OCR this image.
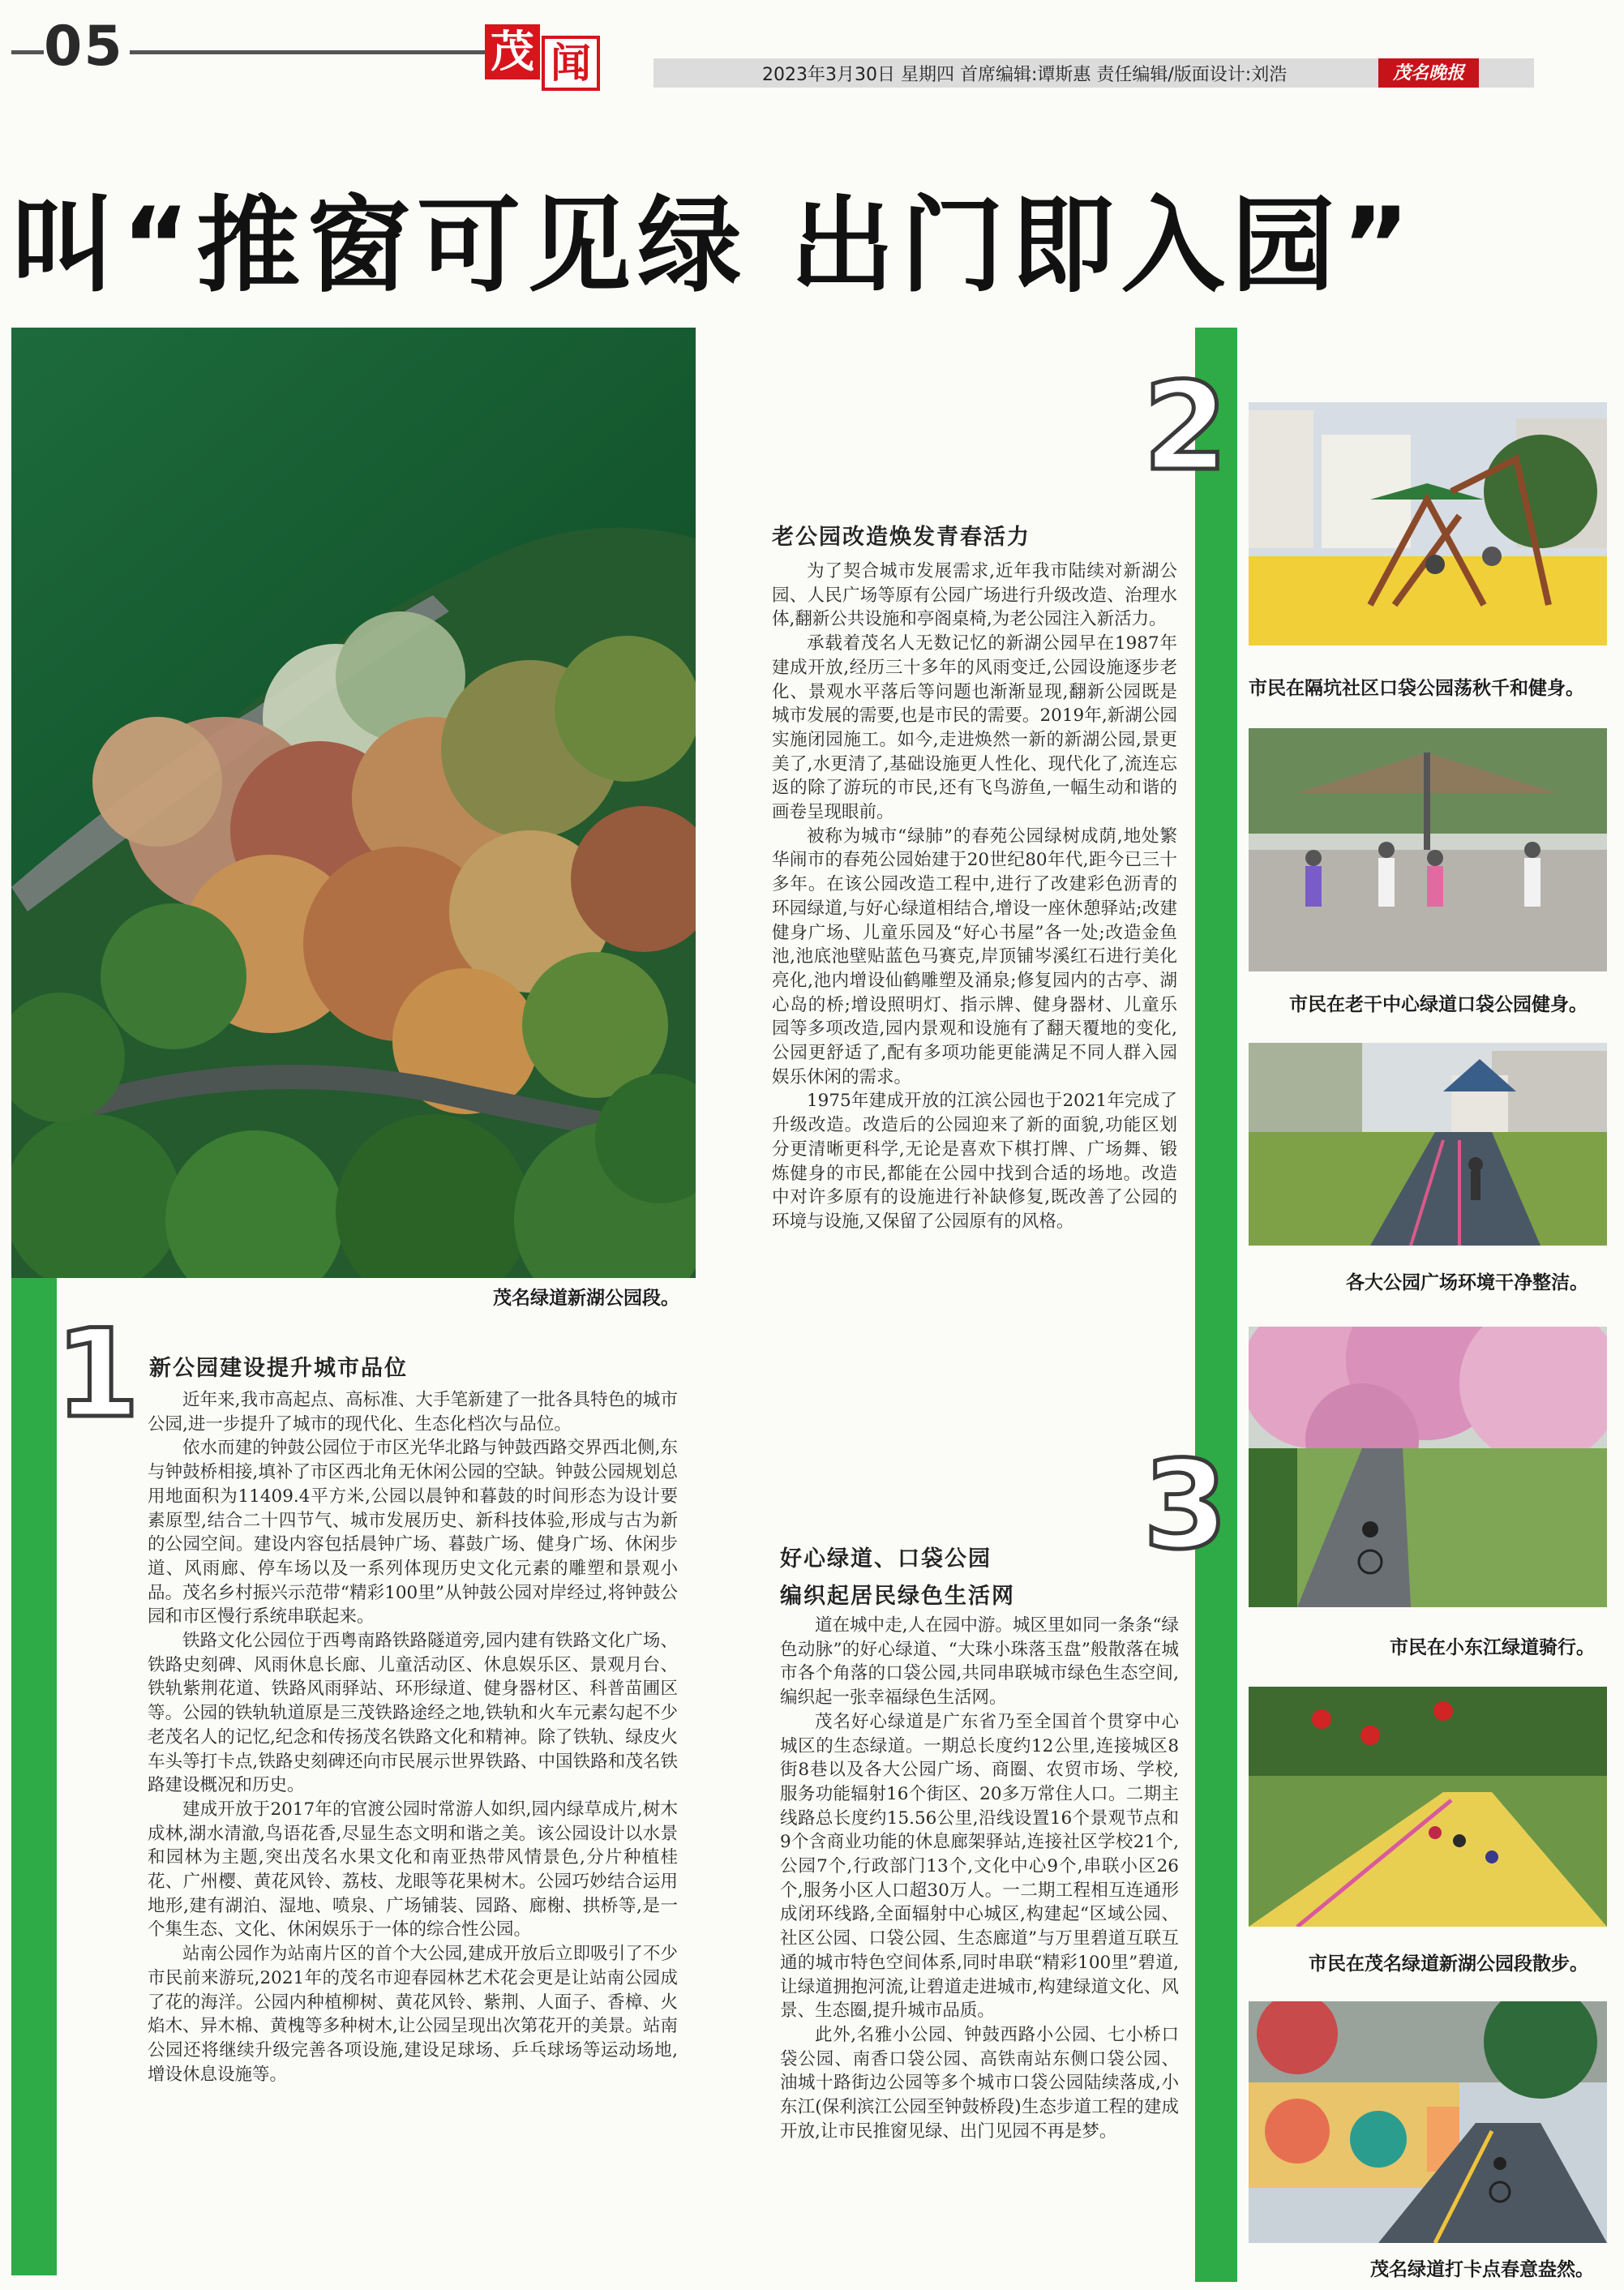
05	茂 闻	2023年3月30日 星期四 首席编辑:谭斯惠 责任编辑/版面设计:刘浩	茂名晚报
叫“推窗可见绿 出门即入园”
茂名绿道新湖公园段。
1 新公园建设提升城市品位

近年来,我市高起点、高标准、大手笔新建了一批各具特色的城市公园,进一步提升了城市的现代化、生态化档次与品位。

依水而建的钟鼓公园位于市区光华北路与钟鼓西路交界西北侧,东与钟鼓桥相接,填补了市区西北角无休闲公园的空缺。钟鼓公园规划总用地面积为11409.4平方米,公园以晨钟和暮鼓的时间形态为设计要素原型,结合二十四节气、城市发展历史、新科技体验,形成与古为新的公园空间。建设内容包括晨钟广场、暮鼓广场、健身广场、休闲步道、风雨廊、停车场以及一系列体现历史文化元素的雕塑和景观小品。茂名乡村振兴示范带“精彩100里”从钟鼓公园对岸经过,将钟鼓公园和市区慢行系统串联起来。

铁路文化公园位于西粤南路铁路隧道旁,园内建有铁路文化广场、铁路史刻碑、风雨休息长廊、儿童活动区、休息娱乐区、景观月台、铁轨紫荆花道、铁路风雨驿站、环形绿道、健身器材区、科普苗圃区等。公园的铁轨轨道原是三茂铁路途经之地,铁轨和火车元素勾起不少老茂名人的记忆,纪念和传扬茂名铁路文化和精神。除了铁轨、绿皮火车头等打卡点,铁路史刻碑还向市民展示世界铁路、中国铁路和茂名铁路建设概况和历史。

建成开放于2017年的官渡公园时常游人如织,园内绿草成片,树木成林,湖水清澈,鸟语花香,尽显生态文明和谐之美。该公园设计以水景和园林为主题,突出茂名水果文化和南亚热带风情景色,分片种植桂花、广州樱、黄花风铃、荔枝、龙眼等花果树木。公园巧妙结合运用地形,建有湖泊、湿地、喷泉、广场铺装、园路、廊榭、拱桥等,是一个集生态、文化、休闲娱乐于一体的综合性公园。

站南公园作为站南片区的首个大公园,建成开放后立即吸引了不少市民前来游玩,2021年的茂名市迎春园林艺术花会更是让站南公园成了花的海洋。公园内种植柳树、黄花风铃、紫荆、人面子、香樟、火焰木、异木棉、黄槐等多种树木,让公园呈现出次第花开的美景。站南公园还将继续升级完善各项设施,建设足球场、乒乓球场等运动场地,增设休息设施等。

2
老公园改造焕发青春活力

为了契合城市发展需求,近年我市陆续对新湖公园、人民广场等原有公园广场进行升级改造、治理水体,翻新公共设施和亭阁桌椅,为老公园注入新活力。

承载着茂名人无数记忆的新湖公园早在1987年建成开放,经历三十多年的风雨变迁,公园设施逐步老化、景观水平落后等问题也渐渐显现,翻新公园既是城市发展的需要,也是市民的需要。2019年,新湖公园实施闭园施工。如今,走进焕然一新的新湖公园,景更美了,水更清了,基础设施更人性化、现代化了,流连忘返的除了游玩的市民,还有飞鸟游鱼,一幅生动和谐的画卷呈现眼前。

被称为城市“绿肺”的春苑公园绿树成荫,地处繁华闹市的春苑公园始建于20世纪80年代,距今已三十多年。在该公园改造工程中,进行了改建彩色沥青的环园绿道,与好心绿道相结合,增设一座休憩驿站;改建健身广场、儿童乐园及“好心书屋”各一处;改造金鱼池,池底池壁贴蓝色马赛克,岸顶铺岑溪红石进行美化亮化,池内增设仙鹤雕塑及涌泉;修复园内的古亭、湖心岛的桥;增设照明灯、指示牌、健身器材、儿童乐园等多项改造,园内景观和设施有了翻天覆地的变化,公园更舒适了,配有多项功能更能满足不同人群入园娱乐休闲的需求。

1975年建成开放的江滨公园也于2021年完成了升级改造。改造后的公园迎来了新的面貌,功能区划分更清晰更科学,无论是喜欢下棋打牌、广场舞、锻炼健身的市民,都能在公园中找到合适的场地。改造中对许多原有的设施进行补缺修复,既改善了公园的环境与设施,又保留了公园原有的风格。

3
好心绿道、口袋公园
编织起居民绿色生活网

道在城中走,人在园中游。城区里如同一条条“绿色动脉”的好心绿道、“大珠小珠落玉盘”般散落在城市各个角落的口袋公园,共同串联城市绿色生态空间,编织起一张幸福绿色生活网。

茂名好心绿道是广东省乃至全国首个贯穿中心城区的生态绿道。一期总长度约12公里,连接城区8街8巷以及各大公园广场、商圈、农贸市场、学校,服务功能辐射16个街区、20多万常住人口。二期主线路总长度约15.56公里,沿线设置16个景观节点和9个含商业功能的休息廊架驿站,连接社区学校21个,公园7个,行政部门13个,文化中心9个,串联小区26个,服务小区人口超30万人。一二期工程相互连通形成闭环线路,全面辐射中心城区,构建起“区域公园、社区公园、口袋公园、生态廊道”与万里碧道互联互通的城市特色空间体系,同时串联“精彩100里”碧道,让绿道拥抱河流,让碧道走进城市,构建绿道文化、风景、生态圈,提升城市品质。

此外,名雅小公园、钟鼓西路小公园、七小桥口袋公园、南香口袋公园、高铁南站东侧口袋公园、油城十路街边公园等多个城市口袋公园陆续落成,小东江(保利滨江公园至钟鼓桥段)生态步道工程的建成开放,让市民推窗见绿、出门见园不再是梦。

市民在隔坑社区口袋公园荡秋千和健身。
市民在老干中心绿道口袋公园健身。
各大公园广场环境干净整洁。
市民在小东江绿道骑行。
市民在茂名绿道新湖公园段散步。
茂名绿道打卡点春意盎然。
